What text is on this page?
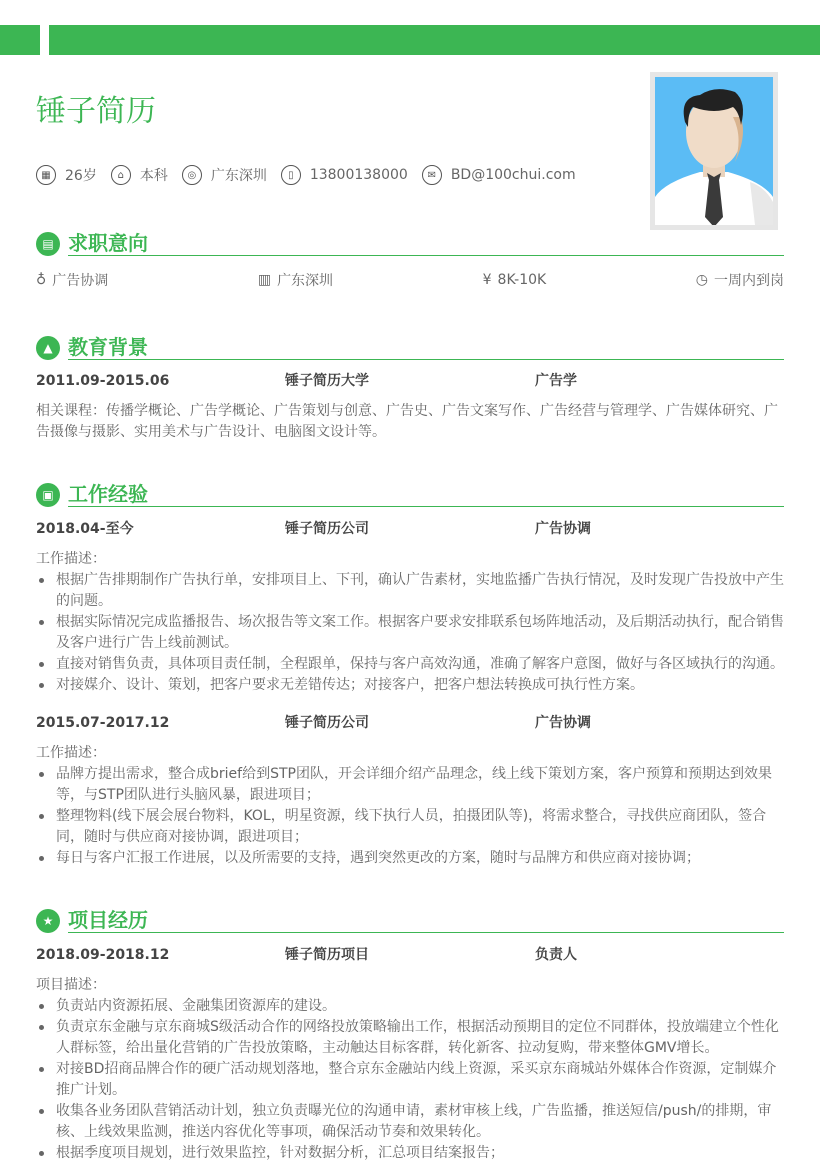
锤子简历
▦	26岁	⌂	本科	◎	广东深圳	▯	13800138000	✉	BD@100chui.com
▤ 求职意向
♁ 广告协调	▥ 广东深圳	¥ 8K-10K	◷ 一周内到岗
▲ 教育背景
2011.09-2015.06	锤子简历大学	广告学

相关课程：传播学概论、广告学概论、广告策划与创意、广告史、广告文案写作、广告经营与管理学、广告媒体研究、广告摄像与摄影、实用美术与广告设计、电脑图文设计等。

▣ 工作经验
2018.04-至今	锤子简历公司	广告协调

工作描述：

根据广告排期制作广告执行单，安排项目上、下刊，确认广告素材，实地监播广告执行情况，及时发现广告投放中产生的问题。
根据实际情况完成监播报告、场次报告等文案工作。根据客户要求安排联系包场阵地活动，及后期活动执行，配合销售及客户进行广告上线前测试。
直接对销售负责，具体项目责任制，全程跟单，保持与客户高效沟通，准确了解客户意图，做好与各区域执行的沟通。
对接媒介、设计、策划，把客户要求无差错传达；对接客户，把客户想法转换成可执行性方案。
2015.07-2017.12	锤子简历公司	广告协调

工作描述：

品牌方提出需求，整合成brief给到STP团队，开会详细介绍产品理念，线上线下策划方案，客户预算和预期达到效果等，与STP团队进行头脑风暴，跟进项目；
整理物料(线下展会展台物料，KOL，明星资源，线下执行人员，拍摄团队等)，将需求整合，寻找供应商团队，签合同，随时与供应商对接协调，跟进项目；
每日与客户汇报工作进展，以及所需要的支持，遇到突然更改的方案，随时与品牌方和供应商对接协调；
★ 项目经历
2018.09-2018.12	锤子简历项目	负责人

项目描述：

负责站内资源拓展、金融集团资源库的建设。
负责京东金融与京东商城S级活动合作的网络投放策略输出工作，根据活动预期目的定位不同群体，投放端建立个性化人群标签，给出量化营销的广告投放策略，主动触达目标客群，转化新客、拉动复购，带来整体GMV增长。
对接BD招商品牌合作的硬广活动规划落地，整合京东金融站内线上资源，采买京东商城站外媒体合作资源，定制媒介推广计划。
收集各业务团队营销活动计划，独立负责曝光位的沟通申请，素材审核上线，广告监播，推送短信/push/的排期，审核、上线效果监测，推送内容优化等事项，确保活动节奏和效果转化。
根据季度项目规划，进行效果监控，针对数据分析，汇总项目结案报告；
